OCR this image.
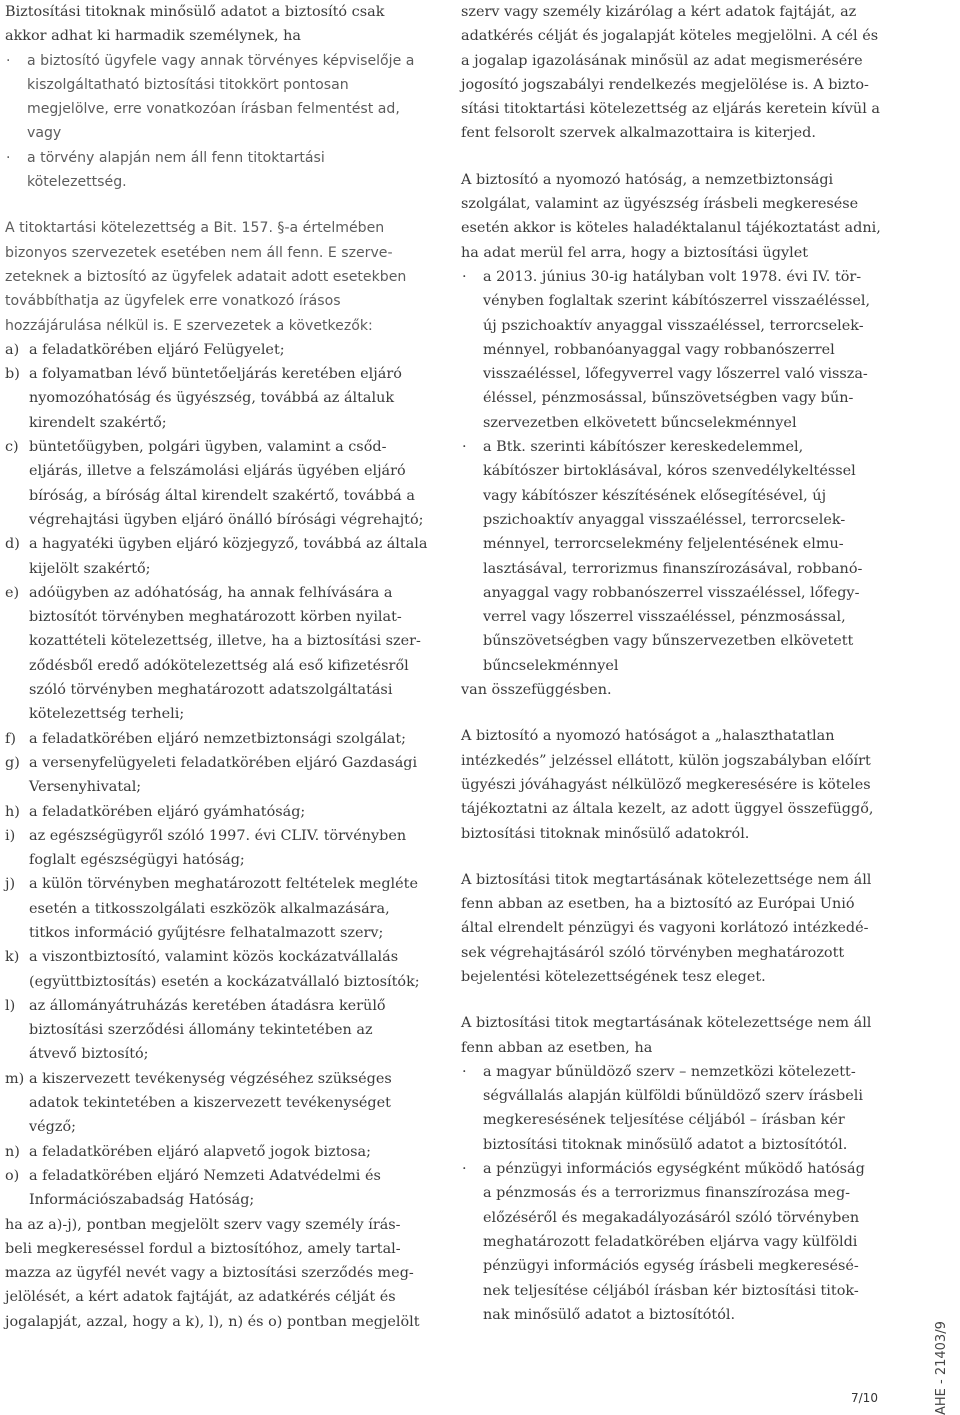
Biztosítási titoknak minősülő adatot a biztosító csak
akkor adhat ki harmadik személynek, ha
· a biztosító ügyfele vagy annak törvényes képviselője a
kiszolgáltatható biztosítási titokkört pontosan
megjelölve, erre vonatkozóan írásban felmentést ad,
vagy
· a törvény alapján nem áll fenn titoktartási
kötelezettség.
A titoktartási kötelezettség a Bit. 157. §-a értelmében
bizonyos szervezetek esetében nem áll fenn. E szerve-
zeteknek a biztosító az ügyfelek adatait adott esetekben
továbbíthatja az ügyfelek erre vonatkozó írásos
hozzájárulása nélkül is. E szervezetek a következők:
a) a feladatkörében eljáró Felügyelet;
b) a folyamatban lévő büntetőeljárás keretében eljáró
nyomozóhatóság és ügyészség, továbbá az általuk
kirendelt szakértő;
c) büntetőügyben, polgári ügyben, valamint a csőd-
eljárás, illetve a felszámolási eljárás ügyében eljáró
bíróság, a bíróság által kirendelt szakértő, továbbá a
végrehajtási ügyben eljáró önálló bírósági végrehajtó;
d) a hagyatéki ügyben eljáró közjegyző, továbbá az általa
kijelölt szakértő;
e) adóügyben az adóhatóság, ha annak felhívására a
biztosítót törvényben meghatározott körben nyilat-
kozattételi kötelezettség, illetve, ha a biztosítási szer-
ződésből eredő adókötelezettség alá eső kifizetésről
szóló törvényben meghatározott adatszolgáltatási
kötelezettség terheli;
f) a feladatkörében eljáró nemzetbiztonsági szolgálat;
g) a versenyfelügyeleti feladatkörében eljáró Gazdasági
Versenyhivatal;
h) a feladatkörében eljáró gyámhatóság;
i) az egészségügyről szóló 1997. évi CLIV. törvényben
foglalt egészségügyi hatóság;
j) a külön törvényben meghatározott feltételek megléte
esetén a titkosszolgálati eszközök alkalmazására,
titkos információ gyűjtésre felhatalmazott szerv;
k) a viszontbiztosító, valamint közös kockázatvállalás
(együttbiztosítás) esetén a kockázatvállaló biztosítók;
l) az állományátruházás keretében átadásra kerülő
biztosítási szerződési állomány tekintetében az
átvevő biztosító;
m) a kiszervezett tevékenység végzéséhez szükséges
adatok tekintetében a kiszervezett tevékenységet
végző;
n) a feladatkörében eljáró alapvető jogok biztosa;
o) a feladatkörében eljáró Nemzeti Adatvédelmi és
Információszabadság Hatóság;
ha az a)-j), pontban megjelölt szerv vagy személy írás-
beli megkereséssel fordul a biztosítóhoz, amely tartal-
mazza az ügyfél nevét vagy a biztosítási szerződés meg-
jelölését, a kért adatok fajtáját, az adatkérés célját és
jogalapját, azzal, hogy a k), l), n) és o) pontban megjelölt
szerv vagy személy kizárólag a kért adatok fajtáját, az
adatkérés célját és jogalapját köteles megjelölni. A cél és
a jogalap igazolásának minősül az adat megismerésére
jogosító jogszabályi rendelkezés megjelölése is. A bizto-
sítási titoktartási kötelezettség az eljárás keretein kívül a
fent felsorolt szervek alkalmazottaira is kiterjed.
A biztosító a nyomozó hatóság, a nemzetbiztonsági
szolgálat, valamint az ügyészség írásbeli megkeresése
esetén akkor is köteles haladéktalanul tájékoztatást adni,
ha adat merül fel arra, hogy a biztosítási ügylet
· a 2013. június 30-ig hatályban volt 1978. évi IV. tör-
vényben foglaltak szerint kábítószerrel visszaéléssel,
új pszichoaktív anyaggal visszaéléssel, terrorcselek-
ménnyel, robbanóanyaggal vagy robbanószerrel
visszaéléssel, lőfegyverrel vagy lőszerrel való vissza-
éléssel, pénzmosással, bűnszövetségben vagy bűn-
szervezetben elkövetett bűncselekménnyel
· a Btk. szerinti kábítószer kereskedelemmel,
kábítószer birtoklásával, kóros szenvedélykeltéssel
vagy kábítószer készítésének elősegítésével, új
pszichoaktív anyaggal visszaéléssel, terrorcselek-
ménnyel, terrorcselekmény feljelentésének elmu-
lasztásával, terrorizmus finanszírozásával, robbanó-
anyaggal vagy robbanószerrel visszaéléssel, lőfegy-
verrel vagy lőszerrel visszaéléssel, pénzmosással,
bűnszövetségben vagy bűnszervezetben elkövetett
bűncselekménnyel
van összefüggésben.
A biztosító a nyomozó hatóságot a „halaszthatatlan
intézkedés” jelzéssel ellátott, külön jogszabályban előírt
ügyészi jóváhagyást nélkülöző megkeresésére is köteles
tájékoztatni az általa kezelt, az adott üggyel összefüggő,
biztosítási titoknak minősülő adatokról.
A biztosítási titok megtartásának kötelezettsége nem áll
fenn abban az esetben, ha a biztosító az Európai Unió
által elrendelt pénzügyi és vagyoni korlátozó intézkedé-
sek végrehajtásáról szóló törvényben meghatározott
bejelentési kötelezettségének tesz eleget.
A biztosítási titok megtartásának kötelezettsége nem áll
fenn abban az esetben, ha
· a magyar bűnüldöző szerv – nemzetközi kötelezett-
ségvállalás alapján külföldi bűnüldöző szerv írásbeli
megkeresésének teljesítése céljából – írásban kér
biztosítási titoknak minősülő adatot a biztosítótól.
· a pénzügyi információs egységként működő hatóság
a pénzmosás és a terrorizmus finanszírozása meg-
előzéséről és megakadályozásáról szóló törvényben
meghatározott feladatkörében eljárva vagy külföldi
pénzügyi információs egység írásbeli megkeresésé-
nek teljesítése céljából írásban kér biztosítási titok-
nak minősülő adatot a biztosítótól.
AHE - 21403/9
7/10
